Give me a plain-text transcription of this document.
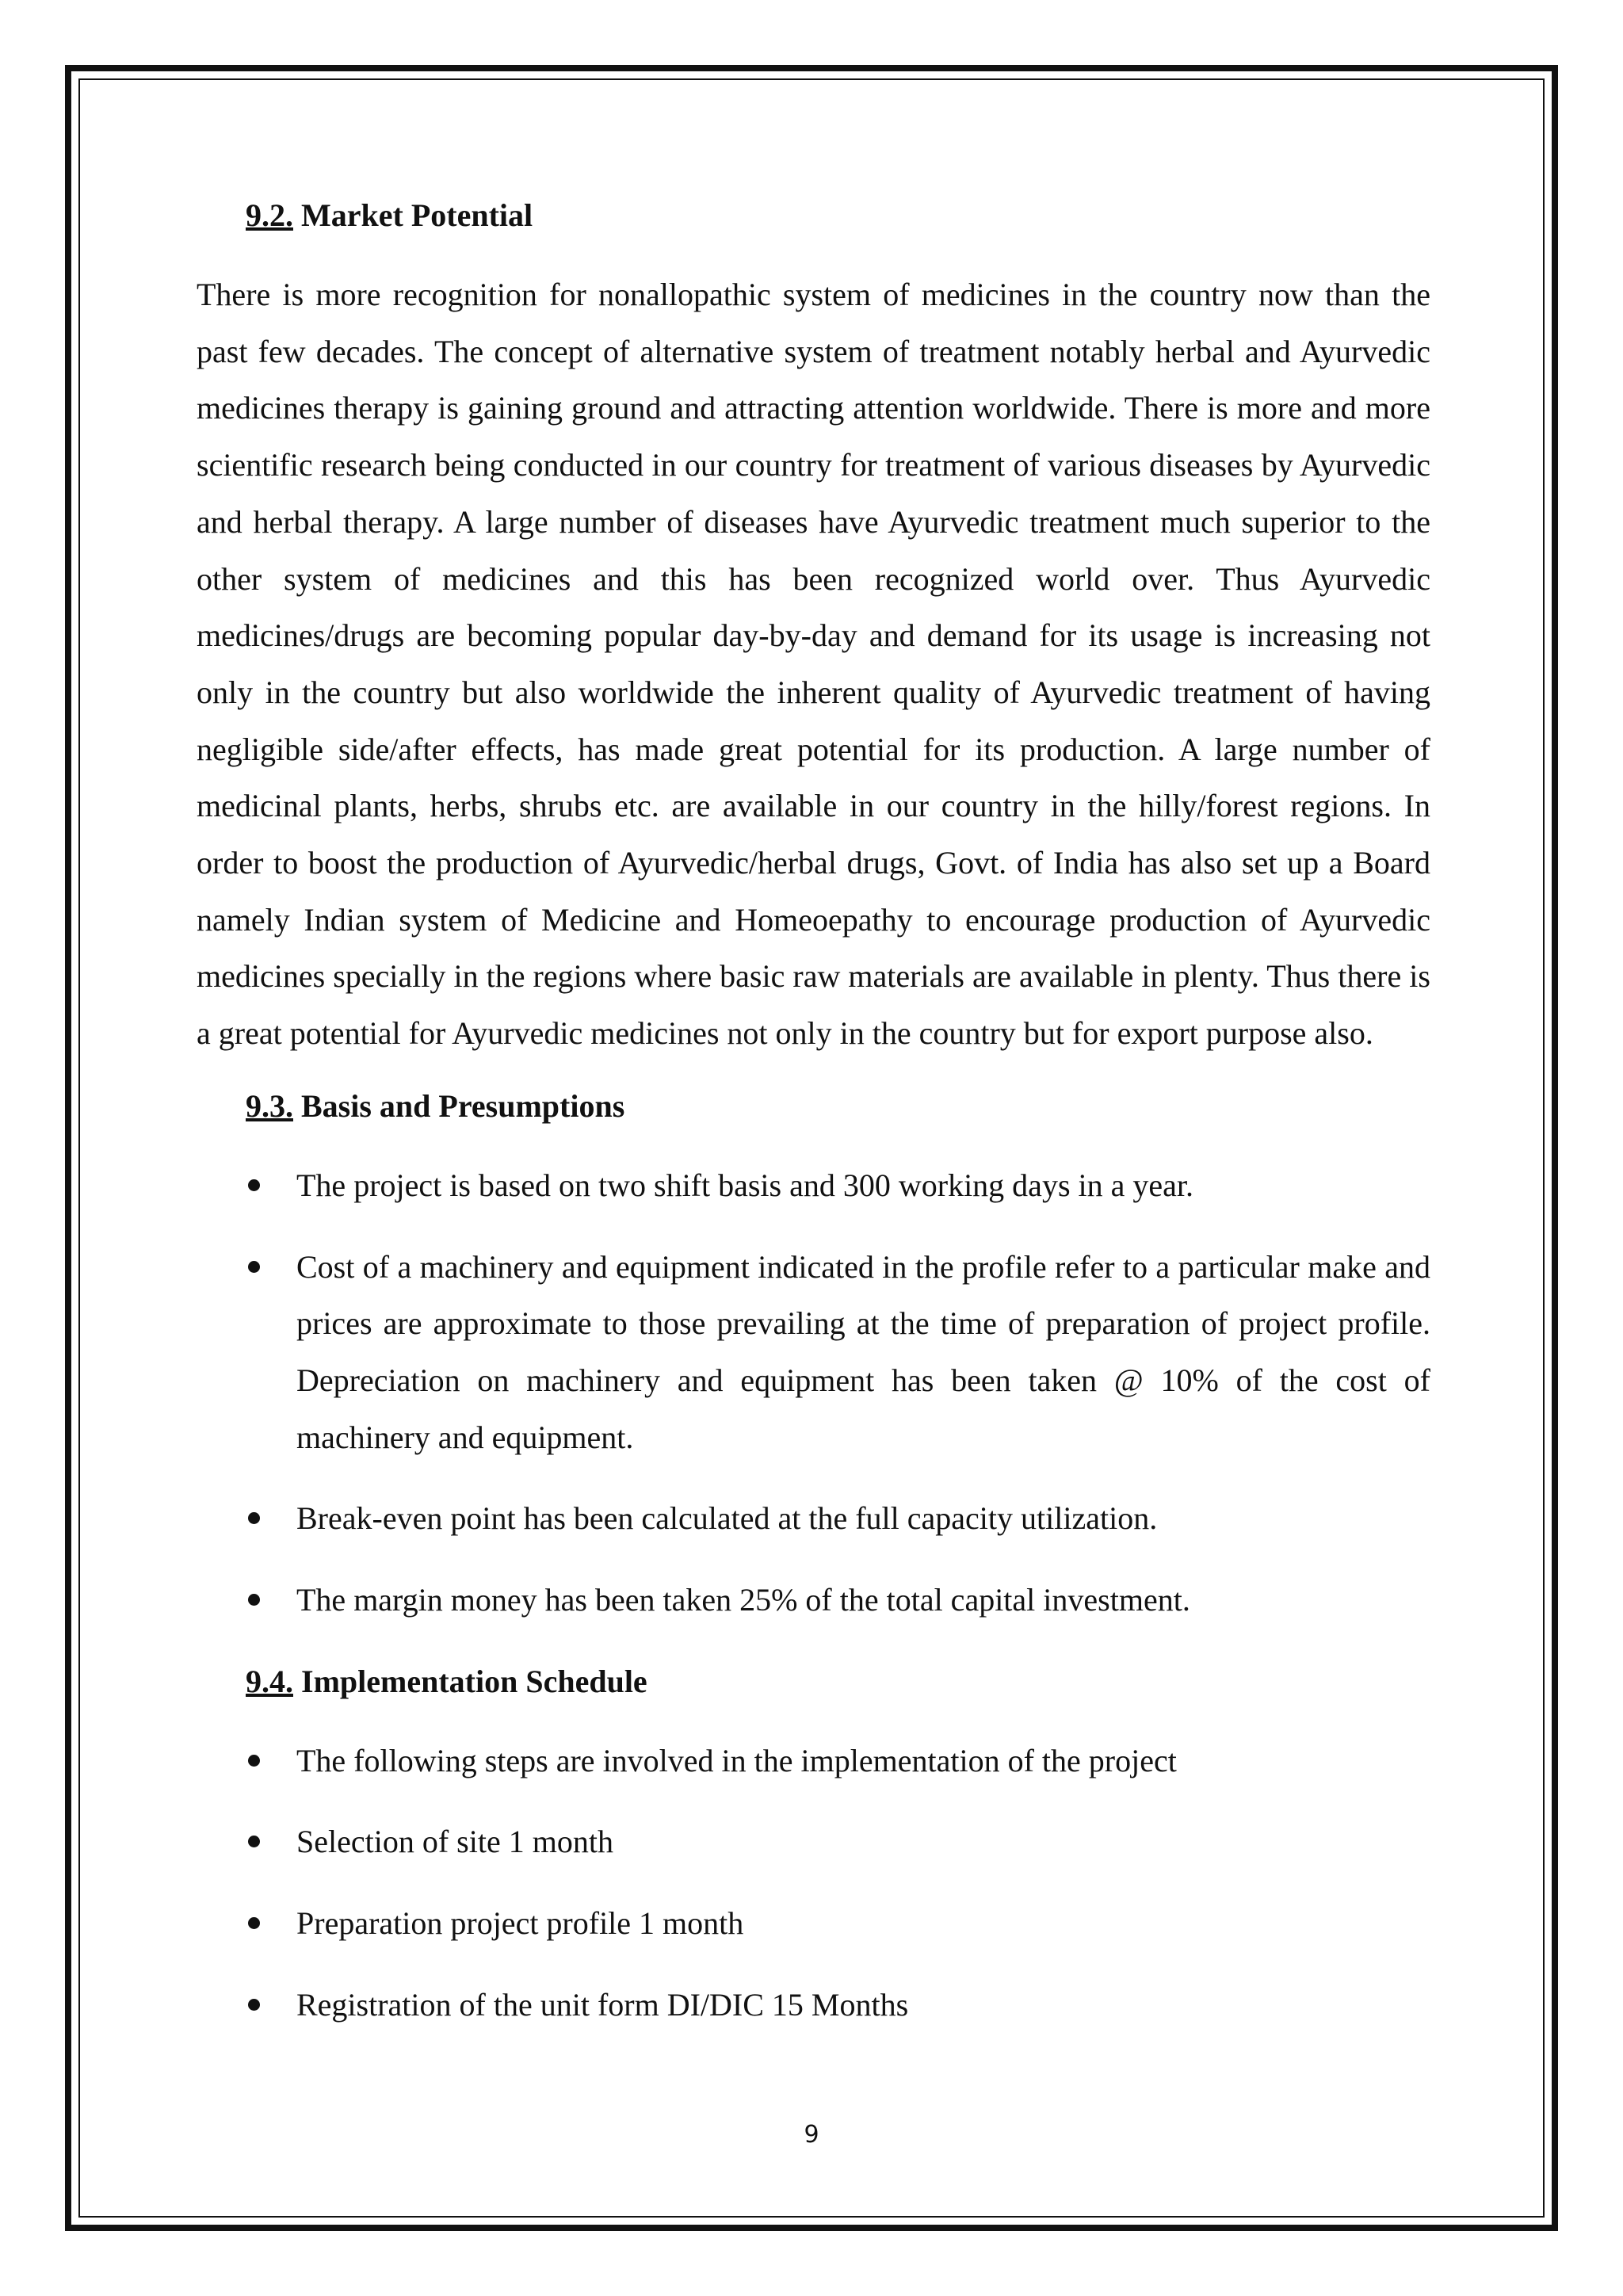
9.2. Market Potential

There is more recognition for nonallopathic system of medicines in the country now than the past few decades. The concept of alternative system of treatment notably herbal and Ayurvedic medicines therapy is gaining ground and attracting attention worldwide. There is more and more scientific research being conducted in our country for treatment of various diseases by Ayurvedic and herbal therapy. A large number of diseases have Ayurvedic treatment much superior to the other system of medicines and this has been recognized world over. Thus Ayurvedic medicines/drugs are becoming popular day-by-day and demand for its usage is increasing not only in the country but also worldwide the inherent quality of Ayurvedic treatment of having negligible side/after effects, has made great potential for its production. A large number of medicinal plants, herbs, shrubs etc. are available in our country in the hilly/forest regions. In order to boost the production of Ayurvedic/herbal drugs, Govt. of India has also set up a Board namely Indian system of Medicine and Homeoepathy to encourage production of Ayurvedic medicines specially in the regions where basic raw materials are available in plenty. Thus there is a great potential for Ayurvedic medicines not only in the country but for export purpose also.

9.3. Basis and Presumptions
The project is based on two shift basis and 300 working days in a year.
Cost of a machinery and equipment indicated in the profile refer to a particular make and prices are approximate to those prevailing at the time of preparation of project profile. Depreciation on machinery and equipment has been taken @ 10% of the cost of machinery and equipment.
Break-even point has been calculated at the full capacity utilization.
The margin money has been taken 25% of the total capital investment.
9.4. Implementation Schedule
The following steps are involved in the implementation of the project
Selection of site 1 month
Preparation project profile 1 month
Registration of the unit form DI/DIC 15 Months
9
